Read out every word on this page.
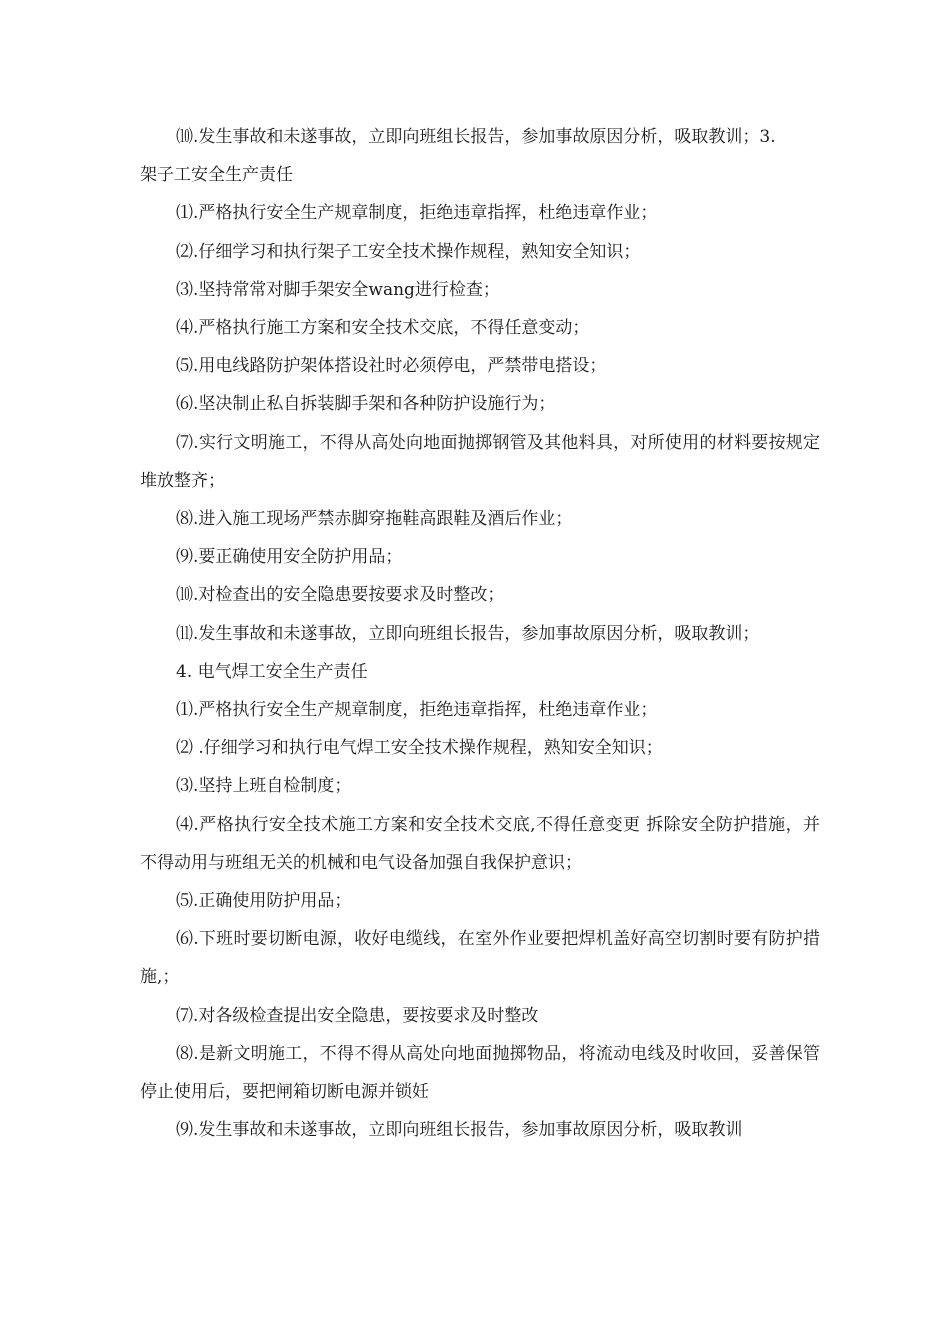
⑽.发生事故和未遂事故，立即向班组长报告，参加事故原因分析，吸取教训；3.

架子工安全生产责任

⑴.严格执行安全生产规章制度，拒绝违章指挥，杜绝违章作业；

⑵.仔细学习和执行架子工安全技术操作规程，熟知安全知识；

⑶.坚持常常对脚手架安全wang进行检查；

⑷.严格执行施工方案和安全技术交底，不得任意变动；

⑸.用电线路防护架体搭设社时必须停电，严禁带电搭设；

⑹.坚决制止私自拆装脚手架和各种防护设施行为；

⑺.实行文明施工，不得从高处向地面抛掷钢管及其他料具，对所使用的材料要按规定堆放整齐；

⑻.进入施工现场严禁赤脚穿拖鞋高跟鞋及酒后作业；

⑼.要正确使用安全防护用品；

⑽.对检查出的安全隐患要按要求及时整改；

⑾.发生事故和未遂事故，立即向班组长报告，参加事故原因分析，吸取教训；

4. 电气焊工安全生产责任

⑴.严格执行安全生产规章制度，拒绝违章指挥，杜绝违章作业；

⑵ .仔细学习和执行电气焊工安全技术操作规程，熟知安全知识；

⑶.坚持上班自检制度；

⑷.严格执行安全技术施工方案和安全技术交底,不得任意变更 拆除安全防护措施，并不得动用与班组无关的机械和电气设备加强自我保护意识；

⑸.正确使用防护用品；

⑹.下班时要切断电源，收好电缆线，在室外作业要把焊机盖好高空切割时要有防护措施,；

⑺.对各级检查提出安全隐患，要按要求及时整改

⑻.是新文明施工，不得不得从高处向地面抛掷物品，将流动电线及时收回，妥善保管停止使用后，要把闸箱切断电源并锁妊

⑼.发生事故和未遂事故，立即向班组长报告，参加事故原因分析，吸取教训
